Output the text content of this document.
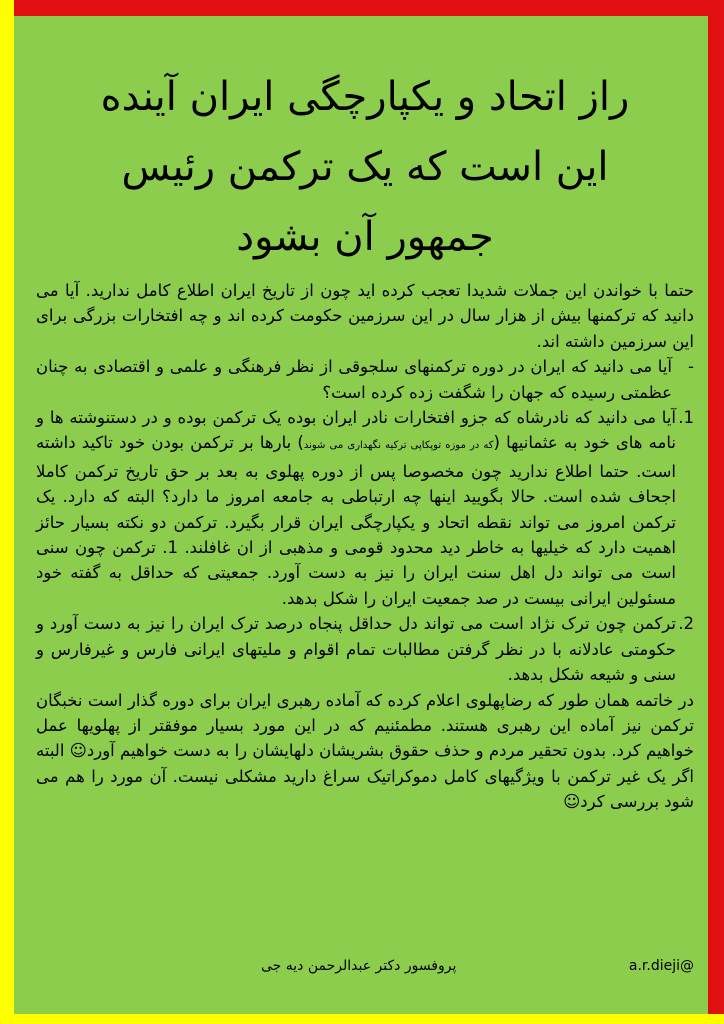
راز اتحاد و یکپارچگی ایران آینده
این است که یک ترکمن رئیس
جمهور آن بشود

حتما با خواندن این جملات شدیدا تعجب کرده اید چون از تاریخ ایران اطلاع کامل ندارید. آیا می دانید که ترکمنها بیش از هزار سال در این سرزمین حکومت کرده اند و چه افتخارات بزرگی برای این سرزمین داشته اند.

-
آیا می دانید که ایران در دوره ترکمنهای سلجوقی از نظر فرهنگی و علمی و اقتصادی به چنان عظمتی رسیده که جهان را شگفت زده کرده است؟

1.
آیا می دانید که نادرشاه که جزو افتخارات نادر ایران بوده یک ترکمن بوده و در دستنوشته ها و نامه های خود به عثمانیها (که در موزه توپکاپی ترکیه نگهداری می شوند) بارها بر ترکمن بودن خود تاکید داشته است. حتما اطلاع ندارید چون مخصوصا پس از دوره پهلوی به بعد بر حق تاریخ ترکمن کاملا اجحاف شده است. حالا بگویید اینها چه ارتباطی به جامعه امروز ما دارد؟ البته که دارد. یک ترکمن امروز می تواند نقطه اتحاد و یکپارچگی ایران قرار بگیرد. ترکمن دو نکته بسیار حائز اهمیت دارد که خیلیها به خاطر دید محدود قومی و مذهبی از ان غافلند. 1. ترکمن چون سنی است می تواند دل اهل سنت ایران را نیز به دست آورد. جمعیتی که حداقل به گفته خود مسئولین ایرانی بیست در صد جمعیت ایران را شکل بدهد.

2.
ترکمن چون ترک نژاد است می تواند دل حداقل پنجاه درصد ترک ایران را نیز به دست آورد و حکومتی عادلانه با در نظر گرفتن مطالبات تمام اقوام و ملیتهای ایرانی فارس و غیرفارس و سنی و شیعه شکل بدهد.

در خاتمه همان طور که رضاپهلوی اعلام کرده که آماده رهبری ایران برای دوره گذار است نخبگان ترکمن نیز آماده این رهبری هستند. مطمئنیم که در این مورد بسیار موفقتر از پهلویها عمل خواهیم کرد. بدون تحقیر مردم و حذف حقوق بشریشان دلهایشان را به دست خواهیم آورد☺ البته اگر یک غیر ترکمن با ویژگیهای کامل دموکراتیک سراغ دارید مشکلی نیست. آن مورد را هم می شود بررسی کرد☺

پروفسور دکتر عبدالرحمن دیه جی	a.r.dieji@
